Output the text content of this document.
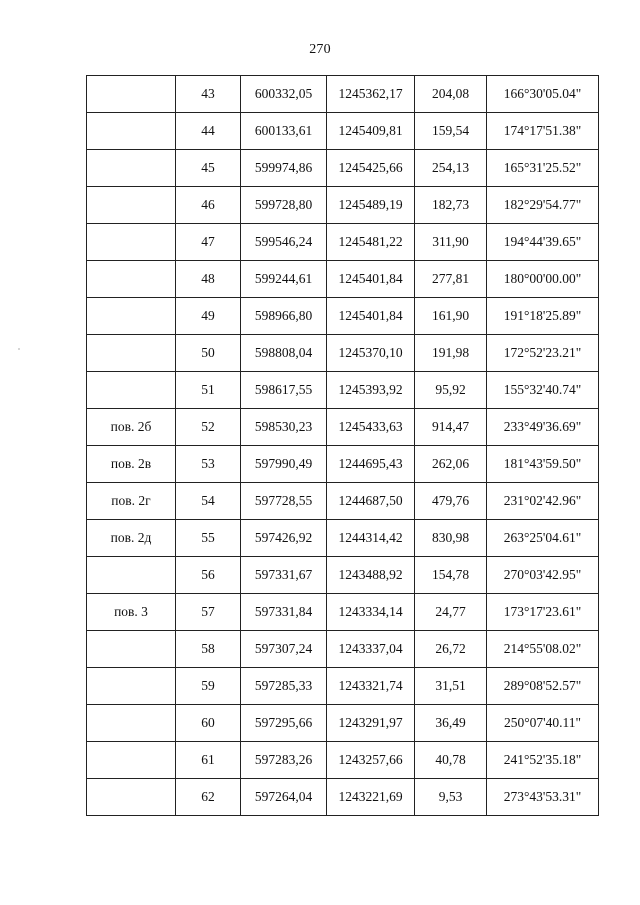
270
	43	600332,05	1245362,17	204,08	166°30'05.04"
	44	600133,61	1245409,81	159,54	174°17'51.38"
	45	599974,86	1245425,66	254,13	165°31'25.52"
	46	599728,80	1245489,19	182,73	182°29'54.77"
	47	599546,24	1245481,22	311,90	194°44'39.65"
	48	599244,61	1245401,84	277,81	180°00'00.00"
	49	598966,80	1245401,84	161,90	191°18'25.89"
	50	598808,04	1245370,10	191,98	172°52'23.21"
	51	598617,55	1245393,92	95,92	155°32'40.74"
пов. 2б	52	598530,23	1245433,63	914,47	233°49'36.69"
пов. 2в	53	597990,49	1244695,43	262,06	181°43'59.50"
пов. 2г	54	597728,55	1244687,50	479,76	231°02'42.96"
пов. 2д	55	597426,92	1244314,42	830,98	263°25'04.61"
	56	597331,67	1243488,92	154,78	270°03'42.95"
пов. 3	57	597331,84	1243334,14	24,77	173°17'23.61"
	58	597307,24	1243337,04	26,72	214°55'08.02"
	59	597285,33	1243321,74	31,51	289°08'52.57"
	60	597295,66	1243291,97	36,49	250°07'40.11"
	61	597283,26	1243257,66	40,78	241°52'35.18"
	62	597264,04	1243221,69	9,53	273°43'53.31"
